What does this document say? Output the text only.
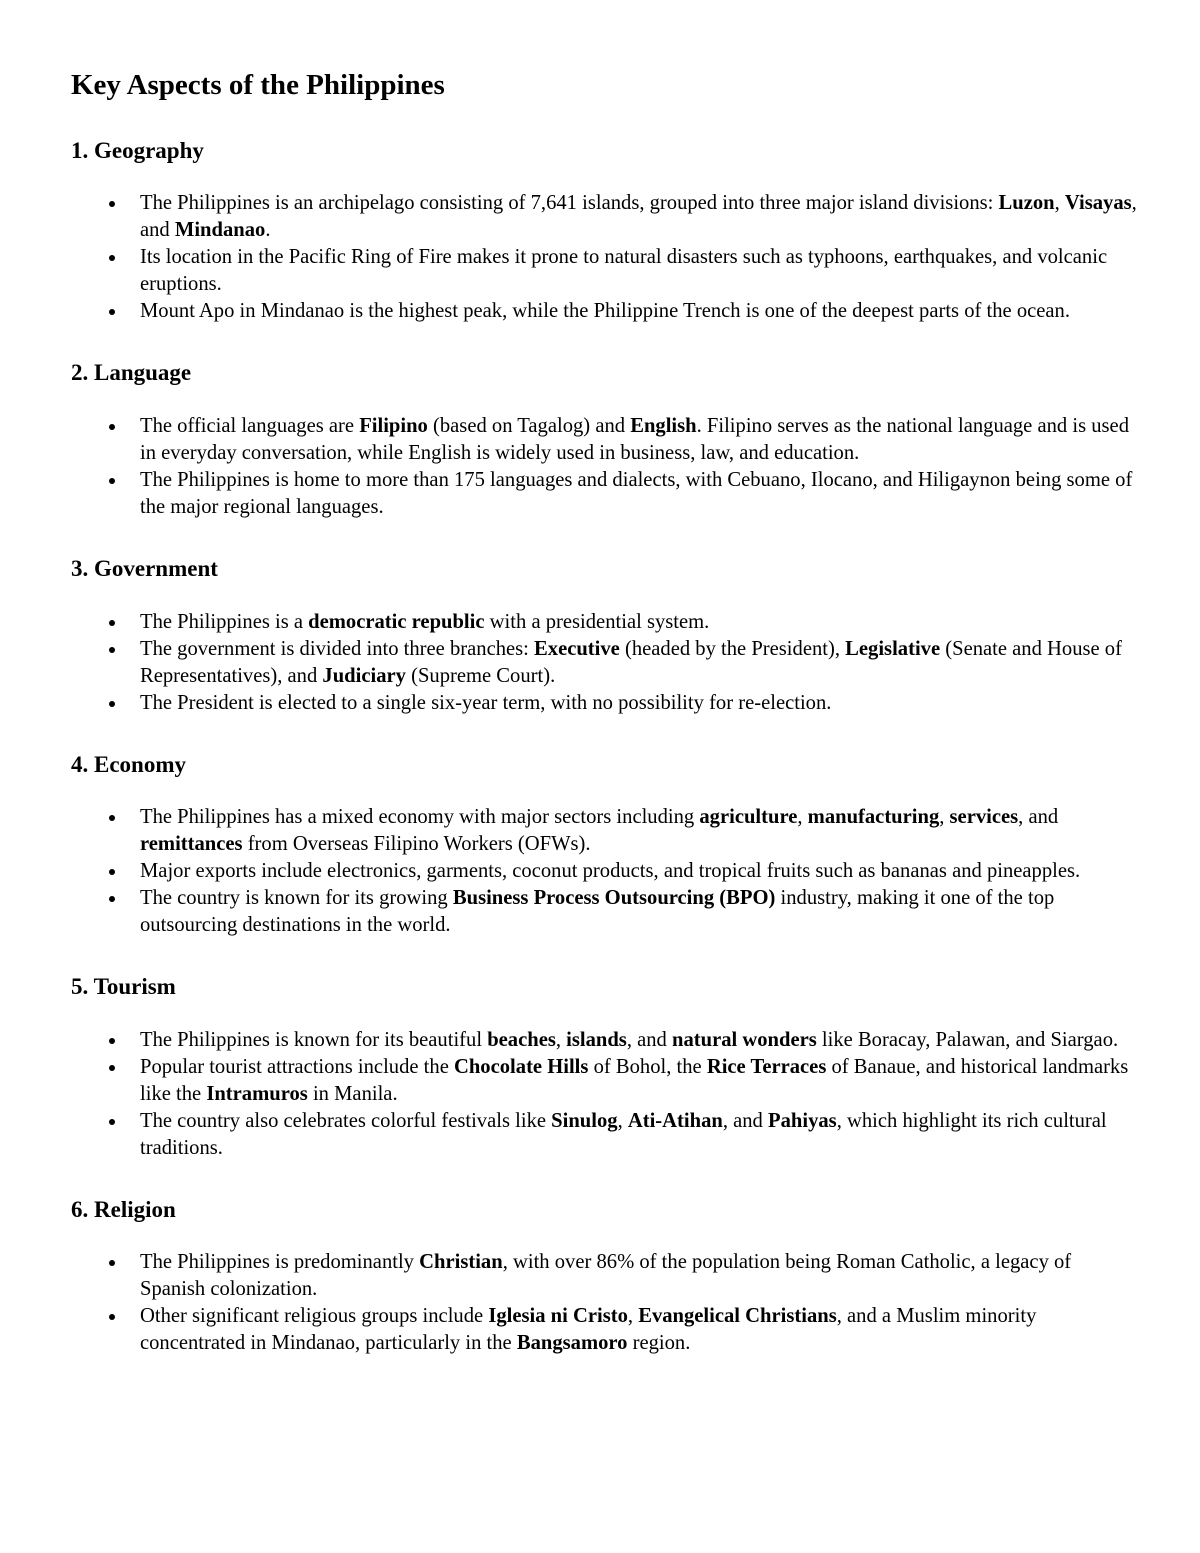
Key Aspects of the Philippines
1. Geography
The Philippines is an archipelago consisting of 7,641 islands, grouped into three major island divisions: Luzon, Visayas, and Mindanao.
Its location in the Pacific Ring of Fire makes it prone to natural disasters such as typhoons, earthquakes, and volcanic eruptions.
Mount Apo in Mindanao is the highest peak, while the Philippine Trench is one of the deepest parts of the ocean.
2. Language
The official languages are Filipino (based on Tagalog) and English. Filipino serves as the national language and is used in everyday conversation, while English is widely used in business, law, and education.
The Philippines is home to more than 175 languages and dialects, with Cebuano, Ilocano, and Hiligaynon being some of the major regional languages.
3. Government
The Philippines is a democratic republic with a presidential system.
The government is divided into three branches: Executive (headed by the President), Legislative (Senate and House of Representatives), and Judiciary (Supreme Court).
The President is elected to a single six-year term, with no possibility for re-election.
4. Economy
The Philippines has a mixed economy with major sectors including agriculture, manufacturing, services, and remittances from Overseas Filipino Workers (OFWs).
Major exports include electronics, garments, coconut products, and tropical fruits such as bananas and pineapples.
The country is known for its growing Business Process Outsourcing (BPO) industry, making it one of the top outsourcing destinations in the world.
5. Tourism
The Philippines is known for its beautiful beaches, islands, and natural wonders like Boracay, Palawan, and Siargao.
Popular tourist attractions include the Chocolate Hills of Bohol, the Rice Terraces of Banaue, and historical landmarks like the Intramuros in Manila.
The country also celebrates colorful festivals like Sinulog, Ati-Atihan, and Pahiyas, which highlight its rich cultural traditions.
6. Religion
The Philippines is predominantly Christian, with over 86% of the population being Roman Catholic, a legacy of Spanish colonization.
Other significant religious groups include Iglesia ni Cristo, Evangelical Christians, and a Muslim minority concentrated in Mindanao, particularly in the Bangsamoro region.
